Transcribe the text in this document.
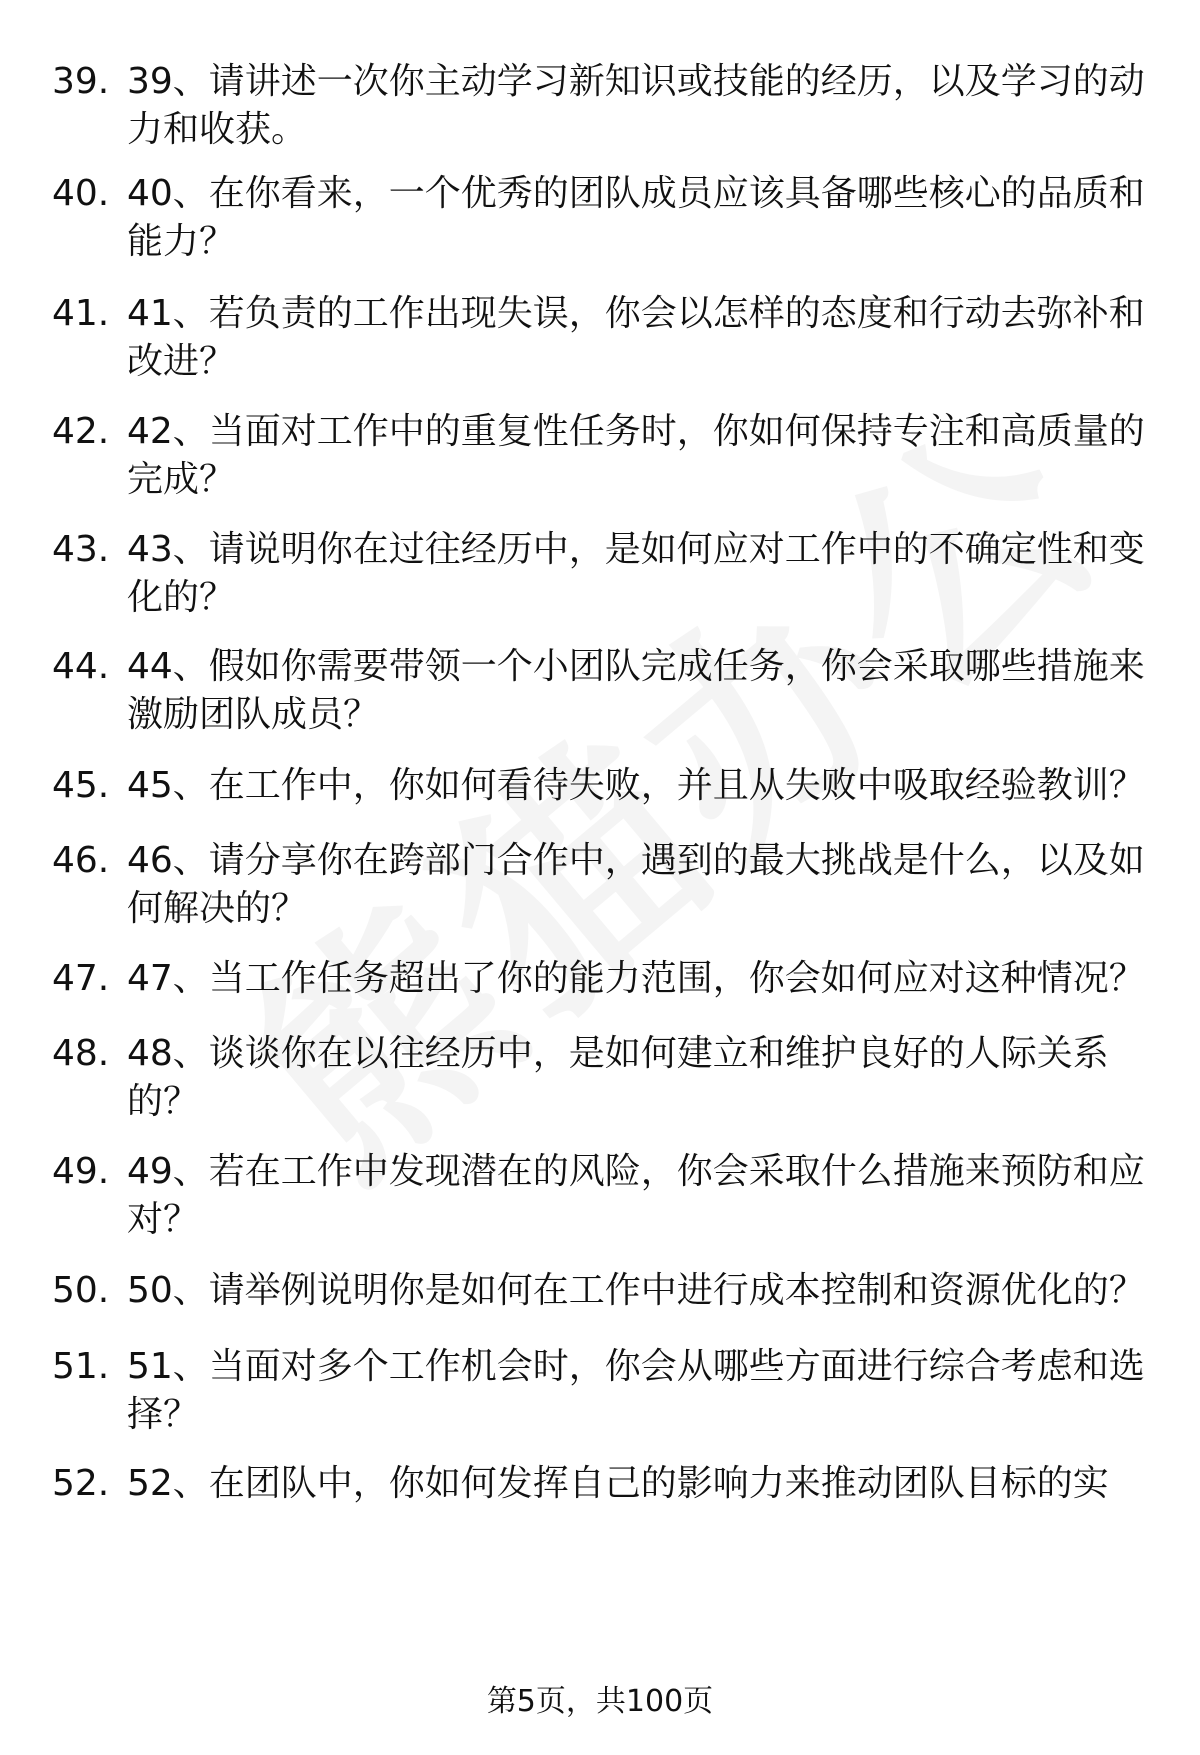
39. 39、请讲述一次你主动学习新知识或技能的经历，以及学习的动力和收获。
40. 40、在你看来，一个优秀的团队成员应该具备哪些核心的品质和能力？
41. 41、若负责的工作出现失误，你会以怎样的态度和行动去弥补和改进？
42. 42、当面对工作中的重复性任务时，你如何保持专注和高质量的完成？
43. 43、请说明你在过往经历中，是如何应对工作中的不确定性和变化的？
44. 44、假如你需要带领一个小团队完成任务，你会采取哪些措施来激励团队成员？
45. 45、在工作中，你如何看待失败，并且从失败中吸取经验教训？
46. 46、请分享你在跨部门合作中，遇到的最大挑战是什么，以及如何解决的？
47. 47、当工作任务超出了你的能力范围，你会如何应对这种情况？
48. 48、谈谈你在以往经历中，是如何建立和维护良好的人际关系的？
49. 49、若在工作中发现潜在的风险，你会采取什么措施来预防和应对？
50. 50、请举例说明你是如何在工作中进行成本控制和资源优化的？
51. 51、当面对多个工作机会时，你会从哪些方面进行综合考虑和选择？
52. 52、在团队中，你如何发挥自己的影响力来推动团队目标的实
第5页，共100页
